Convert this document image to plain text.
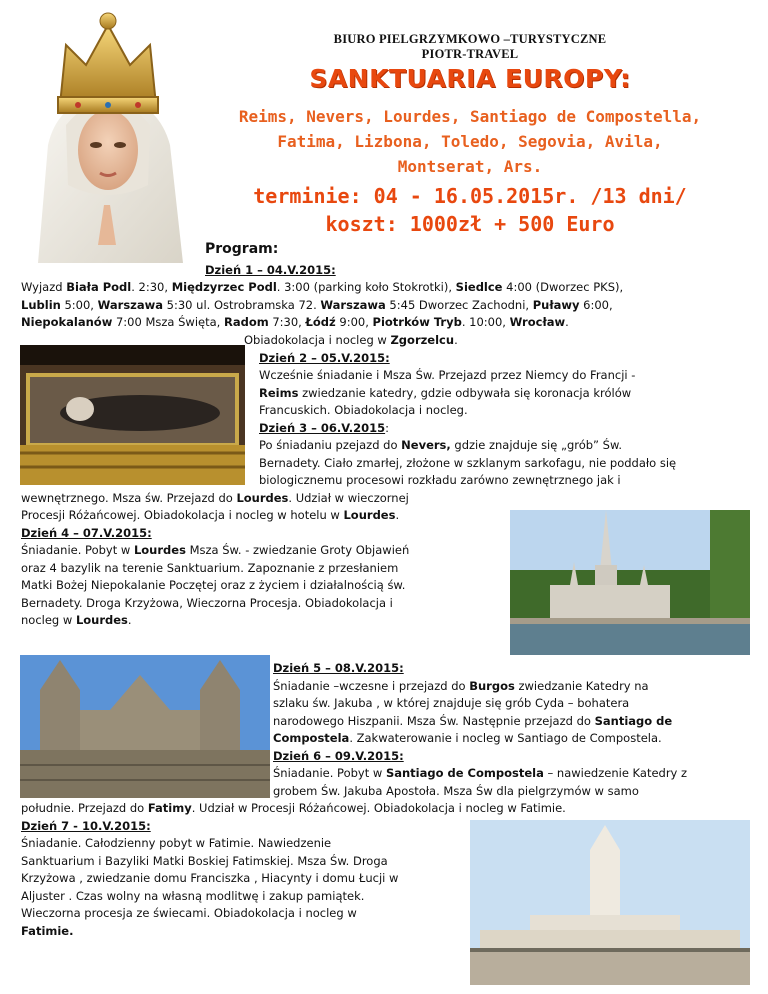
BIURO PIELGRZYMKOWO –TURYSTYCZNE
PIOTR-TRAVEL
SANKTUARIA EUROPY:
Reims, Nevers, Lourdes, Santiago de Compostella,
Fatima, Lizbona, Toledo, Segovia, Avila,
Montserat, Ars.
terminie: 04 - 16.05.2015r. /13 dni/
koszt: 1000zł + 500 Euro
Program:
Dzień 1 – 04.V.2015:
Wyjazd Biała Podl. 2:30, Międzyrzec Podl. 3:00 (parking koło Stokrotki), Siedlce 4:00 (Dworzec PKS),
Lublin 5:00, Warszawa 5:30 ul. Ostrobramska 72. Warszawa 5:45 Dworzec Zachodni, Puławy 6:00,
Niepokalanów 7:00 Msza Święta, Radom 7:30, Łódź 9:00, Piotrków Tryb. 10:00, Wrocław.
Obiadokolacja i nocleg w Zgorzelcu.
Dzień 2 – 05.V.2015:
Wcześnie śniadanie i Msza Św. Przejazd przez Niemcy do Francji -
Reims zwiedzanie katedry, gdzie odbywała się koronacja królów
Francuskich. Obiadokolacja i nocleg.
Dzień 3 – 06.V.2015:
Po śniadaniu pzejazd do Nevers, gdzie znajduje się „grób” Św.
Bernadety. Ciało zmarłej, złożone w szklanym sarkofagu, nie poddało się
biologicznemu procesowi rozkładu zarówno zewnętrznego jak i
wewnętrznego. Msza św. Przejazd do Lourdes. Udział w wieczornej
Procesji Różańcowej. Obiadokolacja i nocleg w hotelu w Lourdes.
Dzień 4 – 07.V.2015:
Śniadanie. Pobyt w Lourdes Msza Św. - zwiedzanie Groty Objawień
oraz 4 bazylik na terenie Sanktuarium. Zapoznanie z przesłaniem
Matki Bożej Niepokalanie Poczętej oraz z życiem i działalnością św.
Bernadety. Droga Krzyżowa, Wieczorna Procesja. Obiadokolacja i
nocleg w Lourdes.
Dzień 5 – 08.V.2015:
Śniadanie –wczesne i przejazd do Burgos zwiedzanie Katedry na
szlaku św. Jakuba , w której znajduje się grób Cyda – bohatera
narodowego Hiszpanii. Msza Św. Następnie przejazd do Santiago de
Compostela. Zakwaterowanie i nocleg w Santiago de Compostela.
Dzień 6 – 09.V.2015:
Śniadanie. Pobyt w Santiago de Compostela – nawiedzenie Katedry z
grobem Św. Jakuba Apostoła. Msza Św dla pielgrzymów w samo
południe. Przejazd do Fatimy. Udział w Procesji Różańcowej. Obiadokolacja i nocleg w Fatimie.
Dzień 7 - 10.V.2015:
Śniadanie. Całodzienny pobyt w Fatimie. Nawiedzenie
Sanktuarium i Bazyliki Matki Boskiej Fatimskiej. Msza Św. Droga
Krzyżowa , zwiedzanie domu Franciszka , Hiacynty i domu Łucji w
Aljuster . Czas wolny na własną modlitwę i zakup pamiątek.
Wieczorna procesja ze świecami. Obiadokolacja i nocleg w
Fatimie.
